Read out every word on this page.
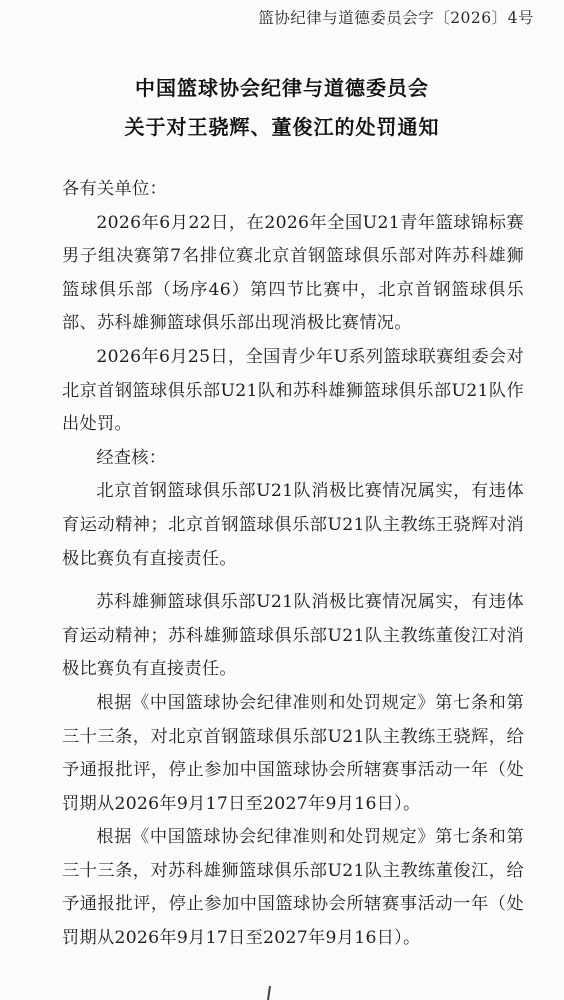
篮协纪律与道德委员会字〔2026〕4号
中国篮球协会纪律与道德委员会
关于对王骁辉、董俊江的处罚通知

各有关单位：

2026年6月22日，在2026年全国U21青年篮球锦标赛男子组决赛第7名排位赛北京首钢篮球俱乐部对阵苏科雄狮篮球俱乐部（场序46）第四节比赛中，北京首钢篮球俱乐部、苏科雄狮篮球俱乐部出现消极比赛情况。

2026年6月25日，全国青少年U系列篮球联赛组委会对北京首钢篮球俱乐部U21队和苏科雄狮篮球俱乐部U21队作出处罚。

经查核：

北京首钢篮球俱乐部U21队消极比赛情况属实，有违体育运动精神；北京首钢篮球俱乐部U21队主教练王骁辉对消极比赛负有直接责任。

苏科雄狮篮球俱乐部U21队消极比赛情况属实，有违体育运动精神；苏科雄狮篮球俱乐部U21队主教练董俊江对消极比赛负有直接责任。

根据《中国篮球协会纪律准则和处罚规定》第七条和第三十三条，对北京首钢篮球俱乐部U21队主教练王骁辉，给予通报批评，停止参加中国篮球协会所辖赛事活动一年（处罚期从2026年9月17日至2027年9月16日）。

根据《中国篮球协会纪律准则和处罚规定》第七条和第三十三条，对苏科雄狮篮球俱乐部U21队主教练董俊江，给予通报批评，停止参加中国篮球协会所辖赛事活动一年（处罚期从2026年9月17日至2027年9月16日）。
